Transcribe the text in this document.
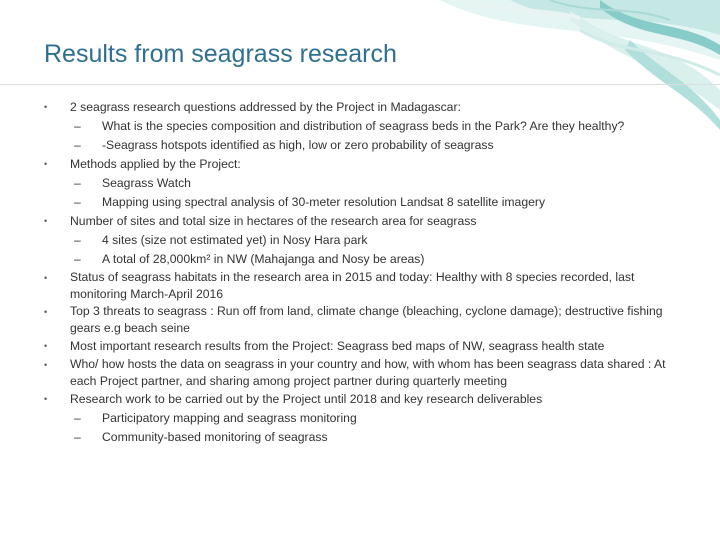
Results from seagrass research

• 2 seagrass research questions addressed by the Project in Madagascar:

– What is the species composition and distribution of seagrass beds in the Park? Are they healthy?

– -Seagrass hotspots identified as high, low or zero probability of seagrass

• Methods applied by the Project:

– Seagrass Watch

– Mapping using spectral analysis of 30-meter resolution Landsat 8 satellite imagery

• Number of sites and total size in hectares of the research area for seagrass

– 4 sites (size not estimated yet) in Nosy Hara park

– A total of 28,000km² in NW (Mahajanga and Nosy be areas)

• Status of seagrass habitats in the research area in 2015 and today: Healthy with 8 species recorded, last monitoring March-April 2016

• Top 3 threats to seagrass : Run off from land, climate change (bleaching, cyclone damage); destructive fishing gears e.g beach seine

• Most important research results from the Project: Seagrass bed maps of NW, seagrass health state

• Who/ how hosts the data on seagrass in your country and how, with whom has been seagrass data shared : At each Project partner, and sharing among project partner during quarterly meeting

• Research work to be carried out by the Project until 2018 and key research deliverables

– Participatory mapping and seagrass monitoring

– Community-based monitoring of seagrass
